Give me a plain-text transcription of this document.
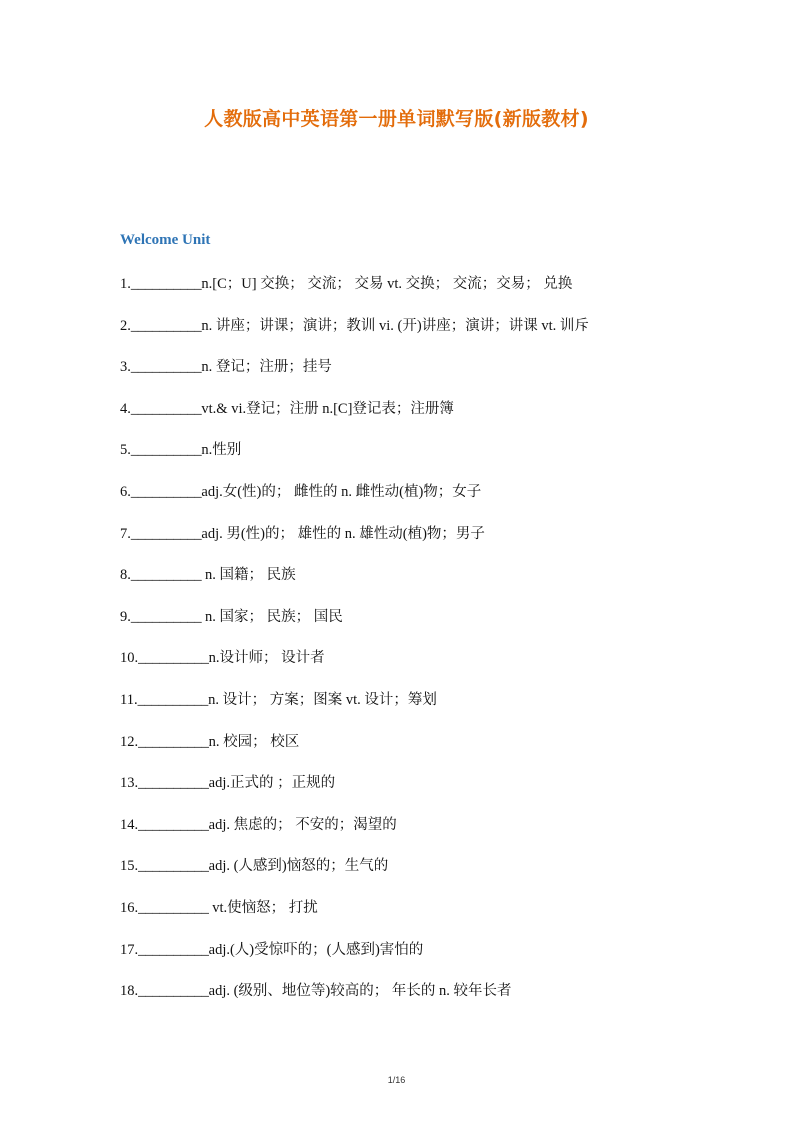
人教版高中英语第一册单词默写版(新版教材)
Welcome Unit
1.__________n.[C；U] 交换； 交流； 交易 vt. 交换； 交流；交易； 兑换
2.__________n. 讲座；讲课；演讲；教训 vi. (开)讲座；演讲；讲课 vt. 训斥
3.__________n. 登记；注册；挂号
4.__________vt.& vi.登记；注册 n.[C]登记表；注册簿
5.__________n.性别
6.__________adj.女(性)的； 雌性的 n. 雌性动(植)物；女子
7.__________adj. 男(性)的； 雄性的 n. 雄性动(植)物；男子
8.__________ n. 国籍； 民族
9.__________ n. 国家； 民族； 国民
10.__________n.设计师； 设计者
11.__________n. 设计； 方案；图案 vt. 设计；筹划
12.__________n. 校园； 校区
13.__________adj.正式的 ；正规的
14.__________adj. 焦虑的； 不安的；渴望的
15.__________adj. (人感到)恼怒的；生气的
16.__________ vt.使恼怒； 打扰
17.__________adj.(人)受惊吓的；(人感到)害怕的
18.__________adj. (级别、地位等)较高的； 年长的 n. 较年长者
1/16
